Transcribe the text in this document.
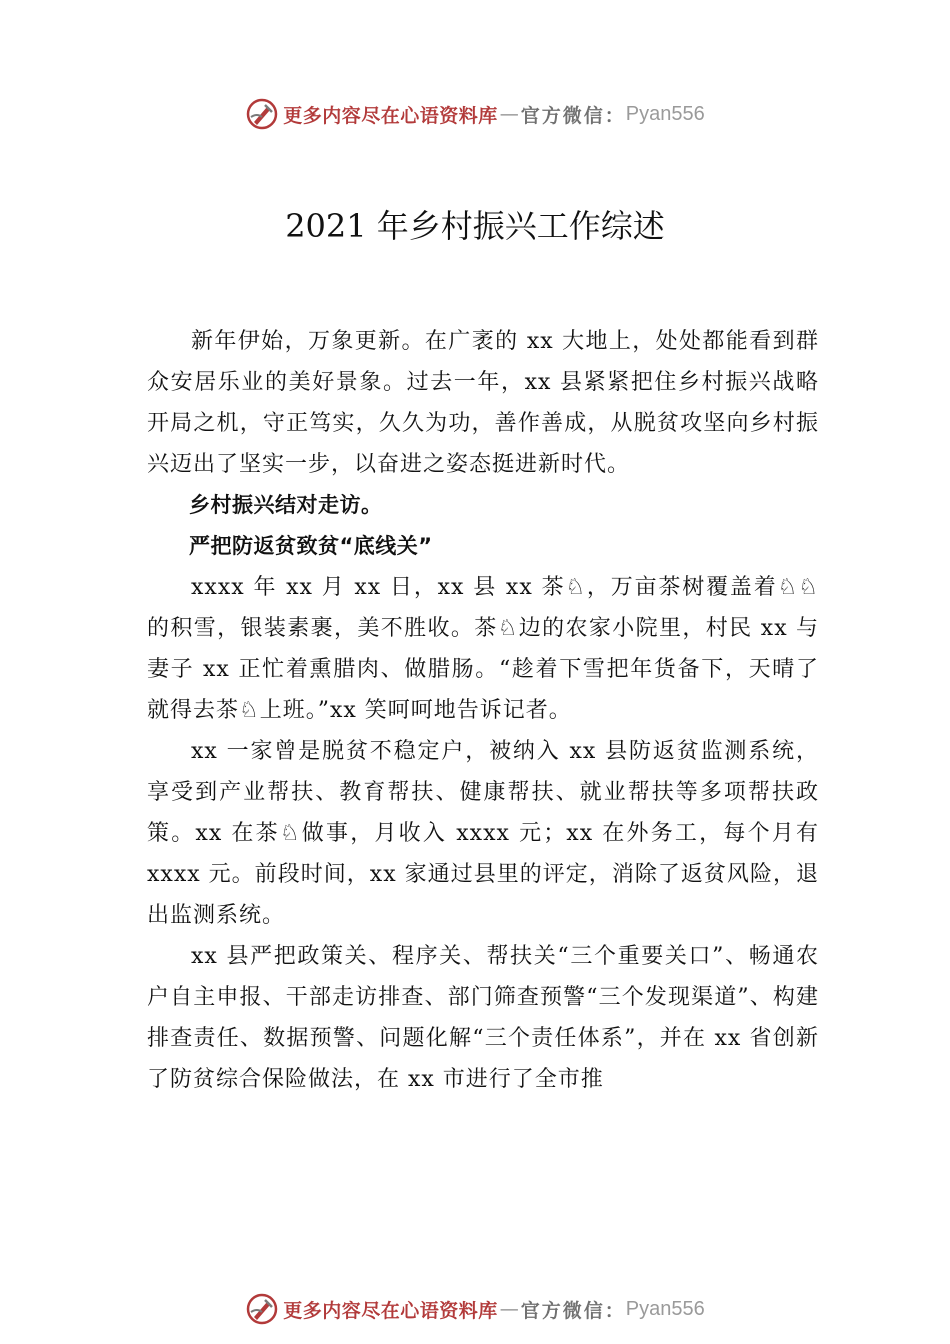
更多内容尽在心语资料库 — 官方微信： Pyan556
2021 年乡村振兴工作综述

新年伊始，万象更新。在广袤的 xx 大地上，处处都能看到群众安居乐业的美好景象。过去一年，xx 县紧紧把住乡村振兴战略开局之机，守正笃实，久久为功，善作善成，从脱贫攻坚向乡村振兴迈出了坚实一步，以奋进之姿态挺进新时代。

乡村振兴结对走访。

严把防返贫致贫“底线关”

xxxx 年 xx 月 xx 日，xx 县 xx 茶♘，万亩茶树覆盖着♘♘的积雪，银装素裹，美不胜收。茶♘边的农家小院里，村民 xx 与妻子 xx 正忙着熏腊肉、做腊肠。“趁着下雪把年货备下，天晴了就得去茶♘上班。”xx 笑呵呵地告诉记者。

xx 一家曾是脱贫不稳定户，被纳入 xx 县防返贫监测系统，享受到产业帮扶、教育帮扶、健康帮扶、就业帮扶等多项帮扶政策。xx 在茶♘做事，月收入 xxxx 元；xx 在外务工，每个月有 xxxx 元。前段时间，xx 家通过县里的评定，消除了返贫风险，退出监测系统。

xx 县严把政策关、程序关、帮扶关“三个重要关口”、畅通农户自主申报、干部走访排查、部门筛查预警“三个发现渠道”、构建排查责任、数据预警、问题化解“三个责任体系”，并在 xx 省创新了防贫综合保险做法，在 xx 市进行了全市推

更多内容尽在心语资料库 — 官方微信： Pyan556
